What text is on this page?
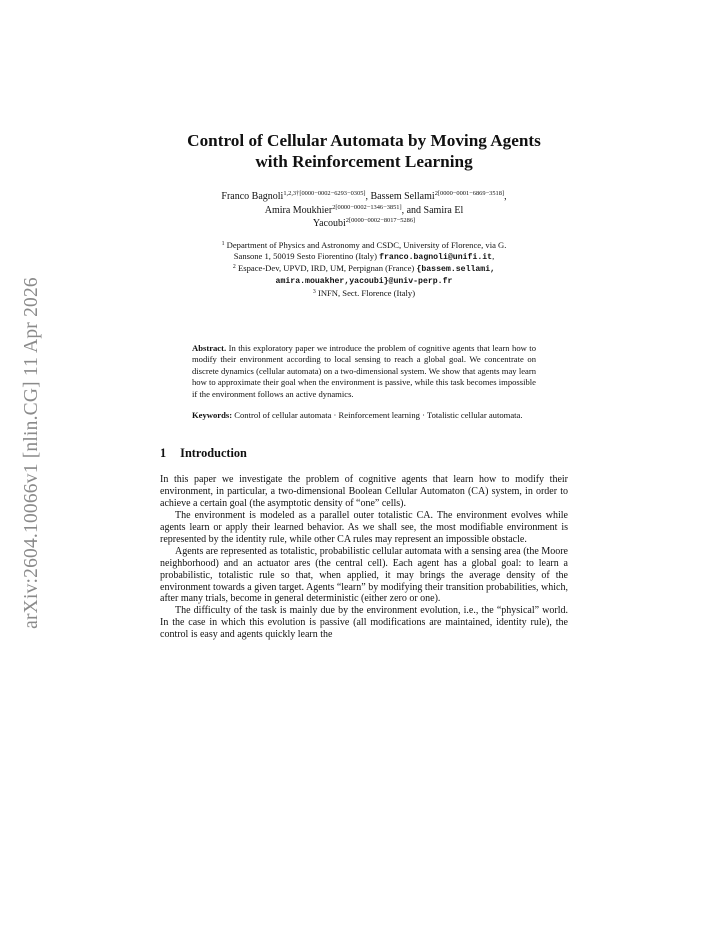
arXiv:2604.10066v1 [nlin.CG] 11 Apr 2026
Control of Cellular Automata by Moving Agents
with Reinforcement Learning
Franco Bagnoli$^{1,2,3\dagger[0000-0002-6293-0305]}$, Bassem Sellami$^{2[0000-0001-6869-3518]}$,
Amira Moukhier$^{2[0000-0002-1346-3851]}$, and Samira El
Yacoubi$^{2[0000-0002-8017-5286]}$
$^1$ Department of Physics and Astronomy and CSDC, University of Florence, via G.
Sansone 1, 50019 Sesto Fiorentino (Italy) franco.bagnoli@unifi.it,
$^2$ Espace-Dev, UPVD, IRD, UM, Perpignan (France) {bassem.sellami,
amira.mouakher,yacoubi}@univ-perp.fr
$^3$ INFN, Sect. Florence (Italy)
Abstract. In this exploratory paper we introduce the problem of cognitive agents that learn how to modify their environment according to local sensing to reach a global goal. We concentrate on discrete dynamics (cellular automata) on a two-dimensional system. We show that agents may learn how to approximate their goal when the environment is passive, while this task becomes impossible if the environment follows an active dynamics.
Keywords: Control of cellular automata · Reinforcement learning · Totalistic cellular automata.
1 Introduction

In this paper we investigate the problem of cognitive agents that learn how to modify their environment, in particular, a two-dimensional Boolean Cellular Automaton (CA) system, in order to achieve a certain goal (the asymptotic density of “one” cells).

The environment is modeled as a parallel outer totalistic CA. The environment evolves while agents learn or apply their learned behavior. As we shall see, the most modifiable environment is represented by the identity rule, while other CA rules may represent an impossible obstacle.

Agents are represented as totalistic, probabilistic cellular automata with a sensing area (the Moore neighborhood) and an actuator ares (the central cell). Each agent has a global goal: to learn a probabilistic, totalistic rule so that, when applied, it may brings the average density of the environment towards a given target. Agents “learn” by modifying their transition probabilities, which, after many trials, become in general deterministic (either zero or one).

The difficulty of the task is mainly due by the environment evolution, i.e., the “physical” world. In the case in which this evolution is passive (all modifications are maintained, identity rule), the control is easy and agents quickly learn the
